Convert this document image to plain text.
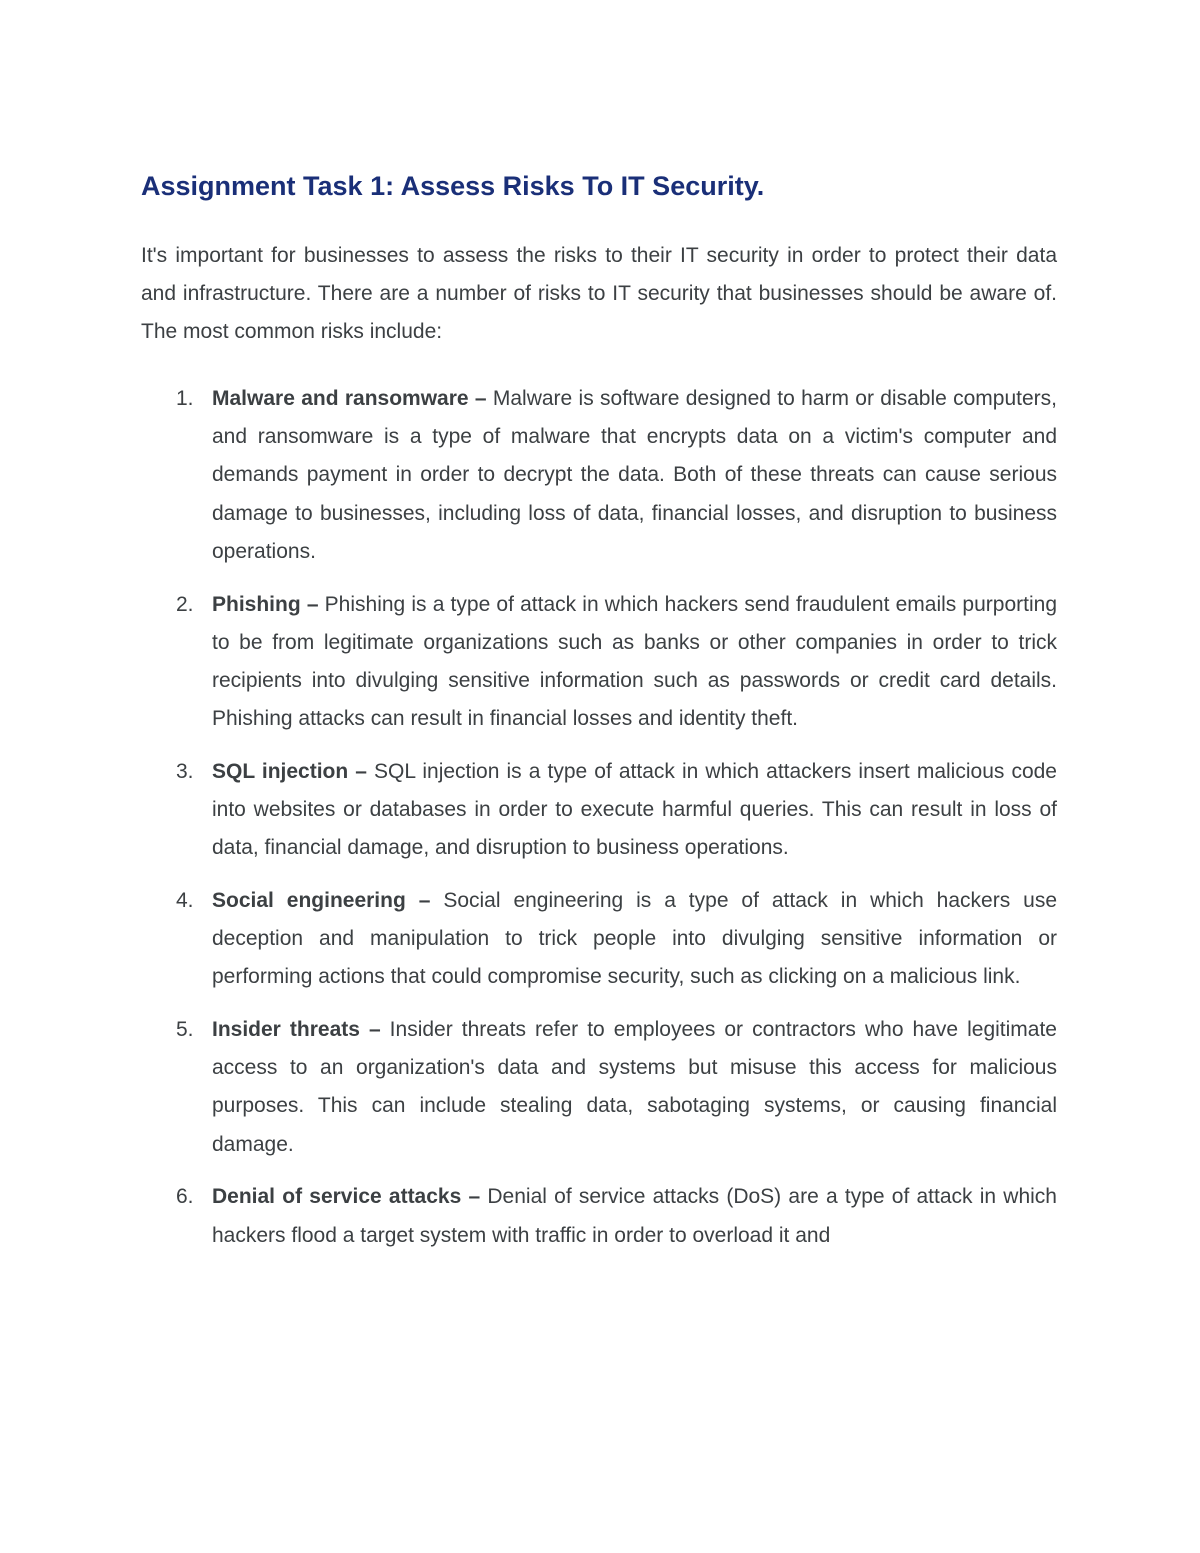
Assignment Task 1: Assess Risks To IT Security.

It's important for businesses to assess the risks to their IT security in order to protect their data and infrastructure. There are a number of risks to IT security that businesses should be aware of. The most common risks include:

1. Malware and ransomware – Malware is software designed to harm or disable computers, and ransomware is a type of malware that encrypts data on a victim's computer and demands payment in order to decrypt the data. Both of these threats can cause serious damage to businesses, including loss of data, financial losses, and disruption to business operations.
2. Phishing – Phishing is a type of attack in which hackers send fraudulent emails purporting to be from legitimate organizations such as banks or other companies in order to trick recipients into divulging sensitive information such as passwords or credit card details. Phishing attacks can result in financial losses and identity theft.
3. SQL injection – SQL injection is a type of attack in which attackers insert malicious code into websites or databases in order to execute harmful queries. This can result in loss of data, financial damage, and disruption to business operations.
4. Social engineering – Social engineering is a type of attack in which hackers use deception and manipulation to trick people into divulging sensitive information or performing actions that could compromise security, such as clicking on a malicious link.
5. Insider threats – Insider threats refer to employees or contractors who have legitimate access to an organization's data and systems but misuse this access for malicious purposes. This can include stealing data, sabotaging systems, or causing financial damage.
6. Denial of service attacks – Denial of service attacks (DoS) are a type of attack in which hackers flood a target system with traffic in order to overload it and
